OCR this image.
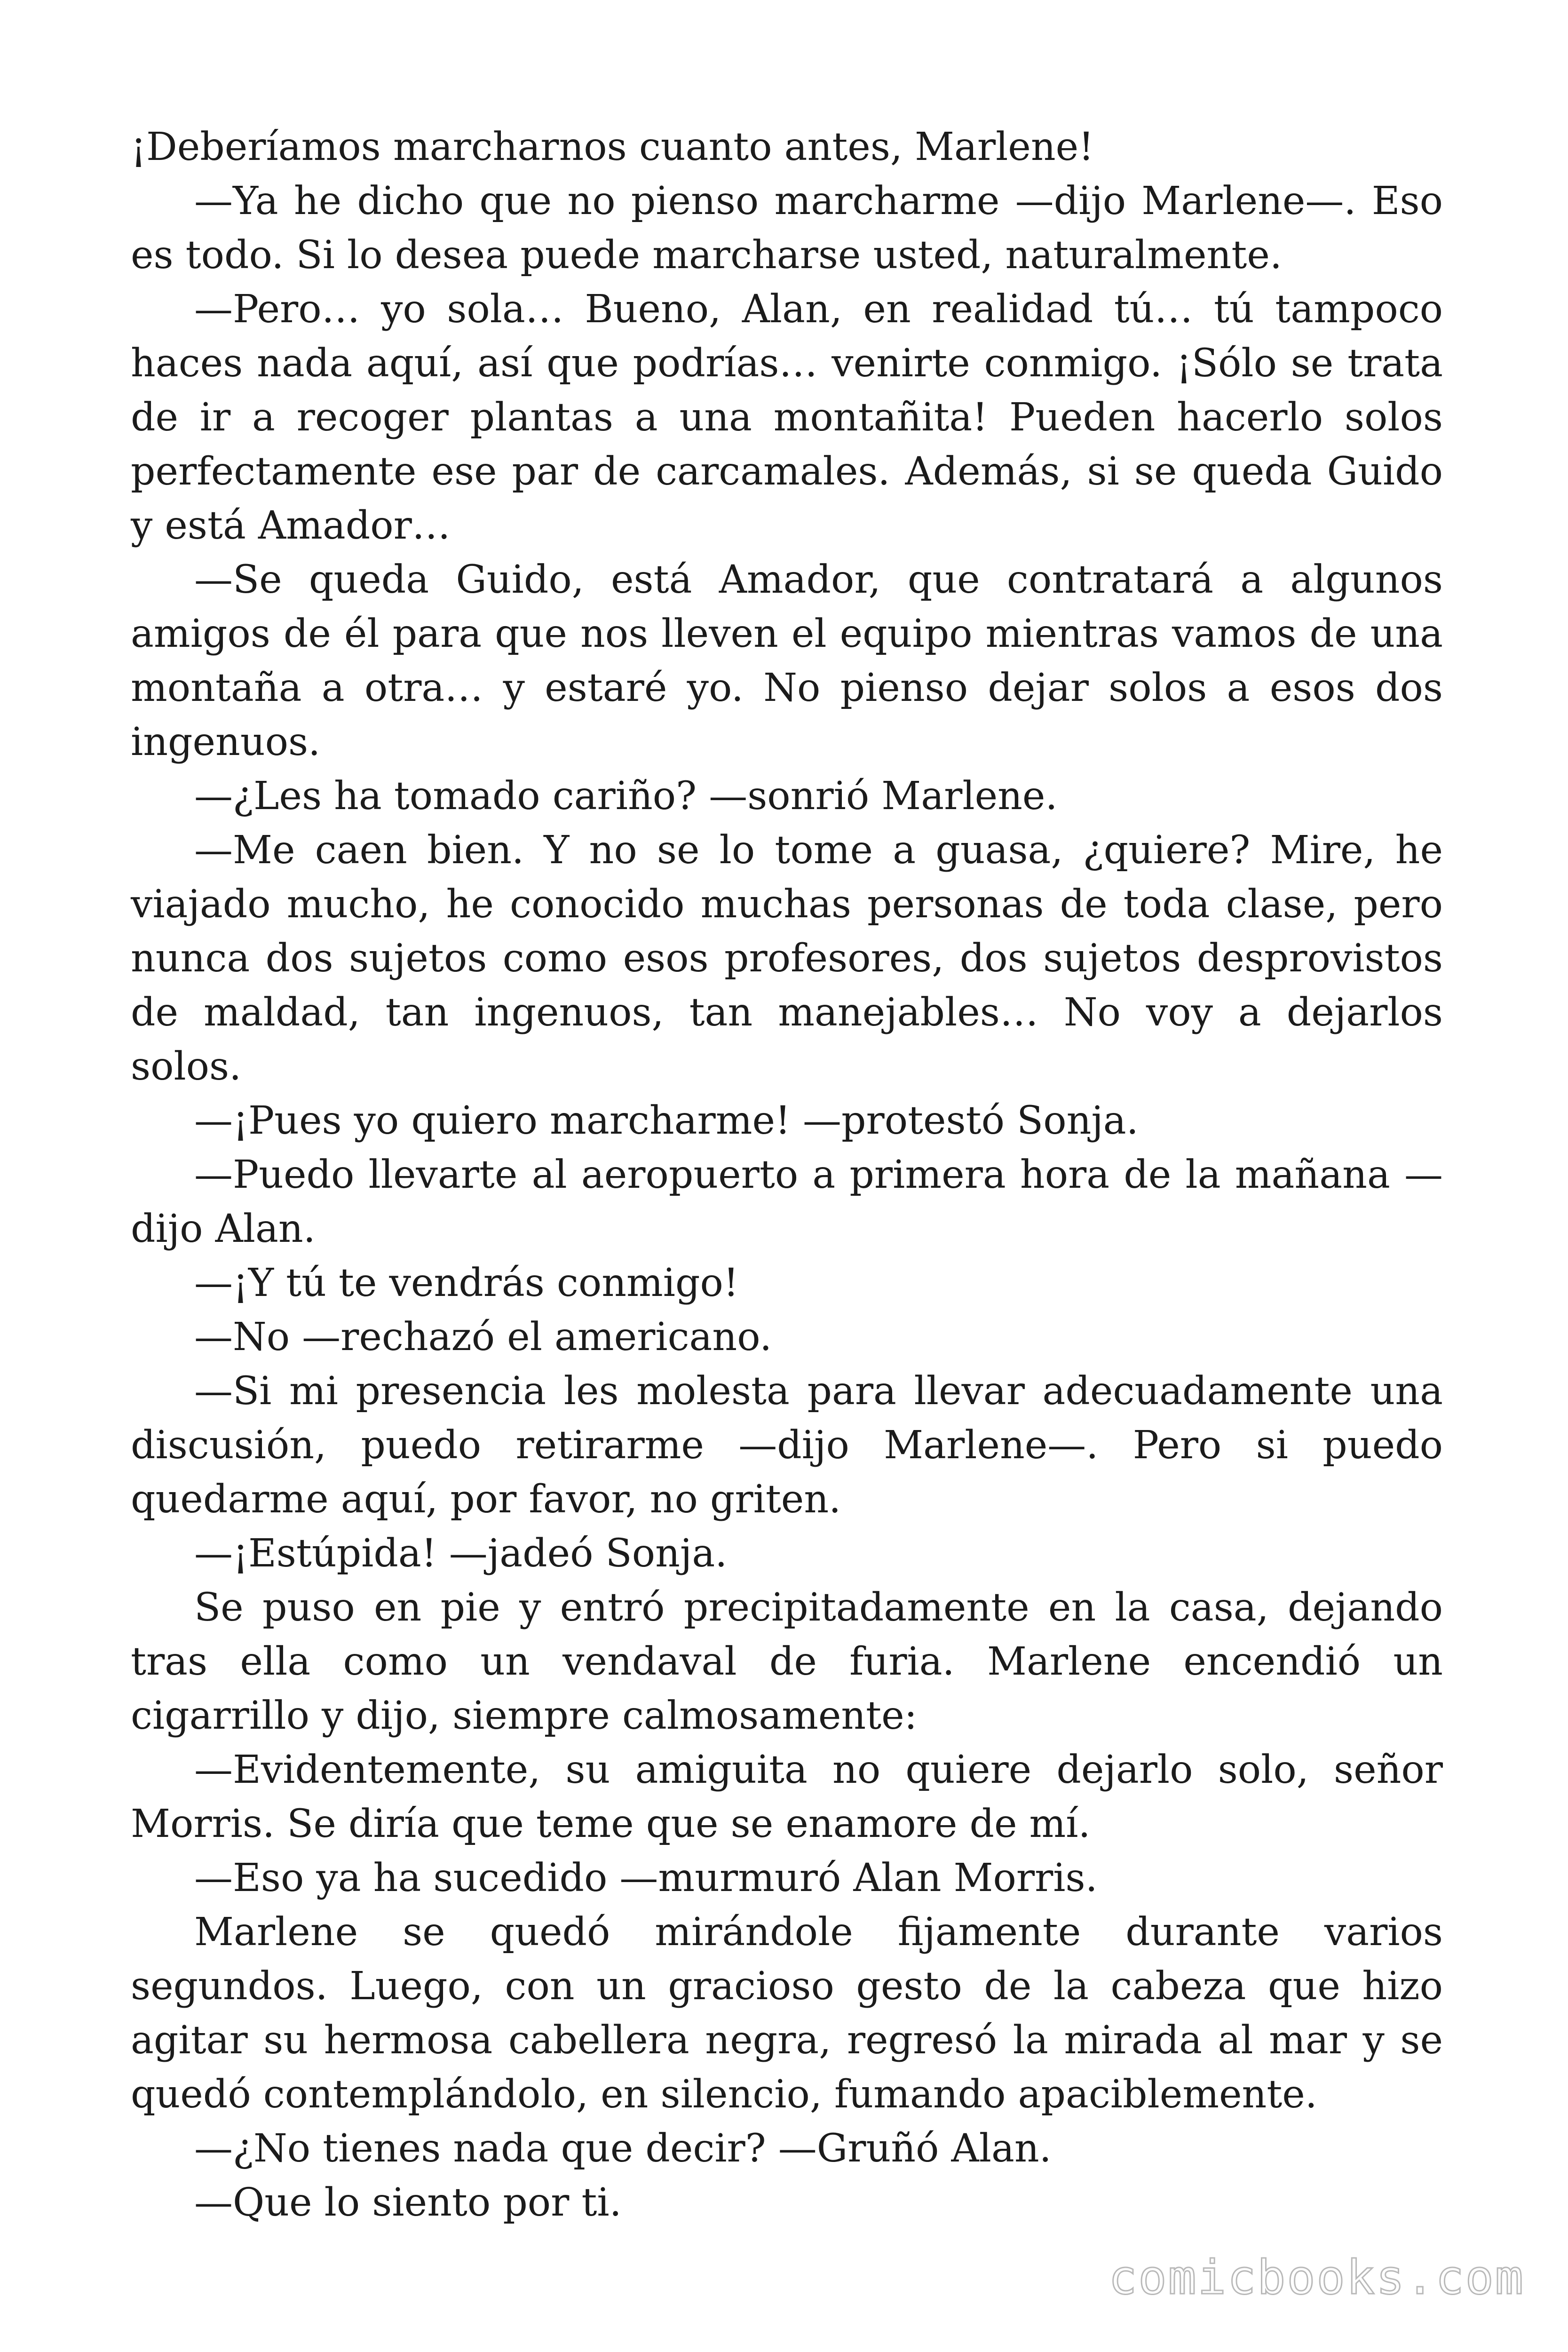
¡Deberíamos marcharnos cuanto antes, Marlene!

—Ya he dicho que no pienso marcharme —dijo Marlene—. Eso es todo. Si lo desea puede marcharse usted, naturalmente.

—Pero… yo sola… Bueno, Alan, en realidad tú… tú tampoco haces nada aquí, así que podrías… venirte conmigo. ¡Sólo se trata de ir a recoger plantas a una montañita! Pueden hacerlo solos perfectamente ese par de carcamales. Además, si se queda Guido y está Amador…

—Se queda Guido, está Amador, que contratará a algunos amigos de él para que nos lleven el equipo mientras vamos de una montaña a otra… y estaré yo. No pienso dejar solos a esos dos ingenuos.

—¿Les ha tomado cariño? —sonrió Marlene.

—Me caen bien. Y no se lo tome a guasa, ¿quiere? Mire, he viajado mucho, he conocido muchas personas de toda clase, pero nunca dos sujetos como esos profesores, dos sujetos desprovistos de maldad, tan ingenuos, tan manejables… No voy a dejarlos solos.

—¡Pues yo quiero marcharme! —protestó Sonja.

—Puedo llevarte al aeropuerto a primera hora de la mañana —dijo Alan.

—¡Y tú te vendrás conmigo!

—No —rechazó el americano.

—Si mi presencia les molesta para llevar adecuadamente una discusión, puedo retirarme —dijo Marlene—. Pero si puedo quedarme aquí, por favor, no griten.

—¡Estúpida! —jadeó Sonja.

Se puso en pie y entró precipitadamente en la casa, dejando tras ella como un vendaval de furia. Marlene encendió un cigarrillo y dijo, siempre calmosamente:

—Evidentemente, su amiguita no quiere dejarlo solo, señor Morris. Se diría que teme que se enamore de mí.

—Eso ya ha sucedido —murmuró Alan Morris.

Marlene se quedó mirándole fijamente durante varios segundos. Luego, con un gracioso gesto de la cabeza que hizo agitar su hermosa cabellera negra, regresó la mirada al mar y se quedó contemplándolo, en silencio, fumando apaciblemente.

—¿No tienes nada que decir? —Gruñó Alan.

—Que lo siento por ti.

comicbooks.com
